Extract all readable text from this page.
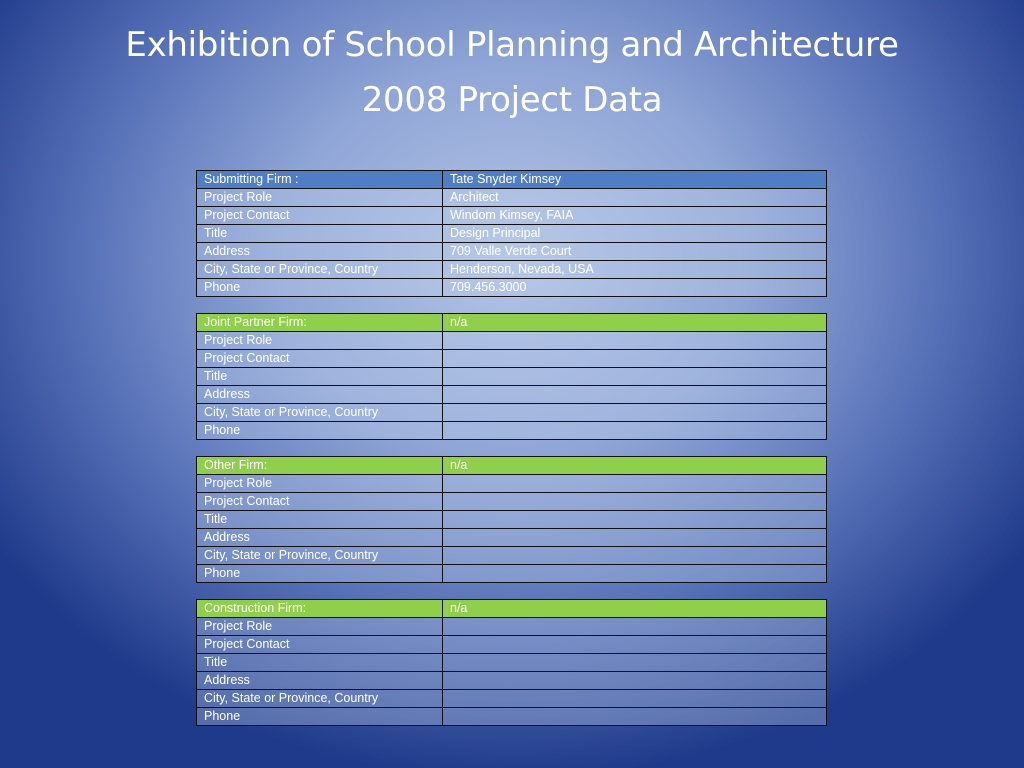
Exhibition of School Planning and Architecture
2008 Project Data
Submitting Firm :	Tate Snyder Kimsey
Project Role	Architect
Project Contact	Windom Kimsey, FAIA
Title	Design Principal
Address	709 Valle Verde Court
City, State or Province, Country	Henderson, Nevada, USA
Phone	709.456.3000
Joint Partner Firm:	n/a
Project Role	
Project Contact	
Title	
Address	
City, State or Province, Country	
Phone	
Other Firm:	n/a
Project Role	
Project Contact	
Title	
Address	
City, State or Province, Country	
Phone	
Construction Firm:	n/a
Project Role	
Project Contact	
Title	
Address	
City, State or Province, Country	
Phone	
